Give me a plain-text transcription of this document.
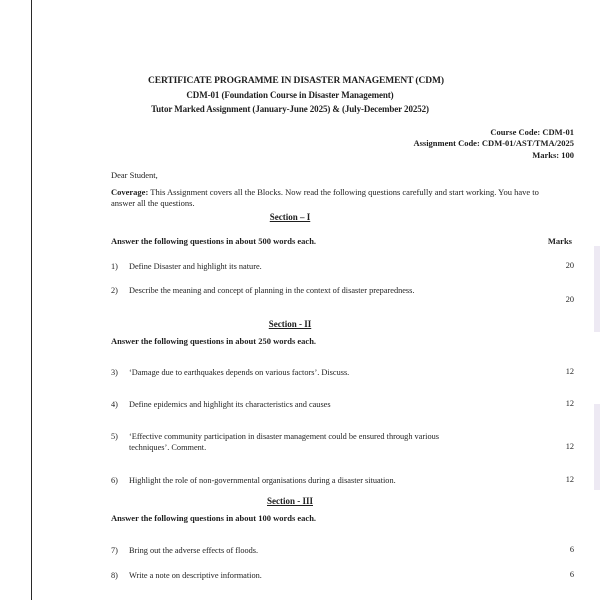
CERTIFICATE PROGRAMME IN DISASTER MANAGEMENT (CDM)
CDM-01 (Foundation Course in Disaster Management)
Tutor Marked Assignment (January-June 2025) & (July-December 20252)
Course Code: CDM-01
Assignment Code: CDM-01/AST/TMA/2025
Marks: 100
Dear Student,
Coverage: This Assignment covers all the Blocks. Now read the following questions carefully and start working. You have to answer all the questions.
Section – I
Answer the following questions in about 500 words each.	Marks
1) Define Disaster and highlight its nature.	20
2) Describe the meaning and concept of planning in the context of disaster preparedness.
20
Section - II
Answer the following questions in about 250 words each.
3) ‘Damage due to earthquakes depends on various factors’. Discuss.	12
4) Define epidemics and highlight its characteristics and causes	12
5) ‘Effective community participation in disaster management could be ensured through various techniques’. Comment.	12
6) Highlight the role of non-governmental organisations during a disaster situation.	12
Section - III
Answer the following questions in about 100 words each.
7) Bring out the adverse effects of floods.	6
8) Write a note on descriptive information.	6
